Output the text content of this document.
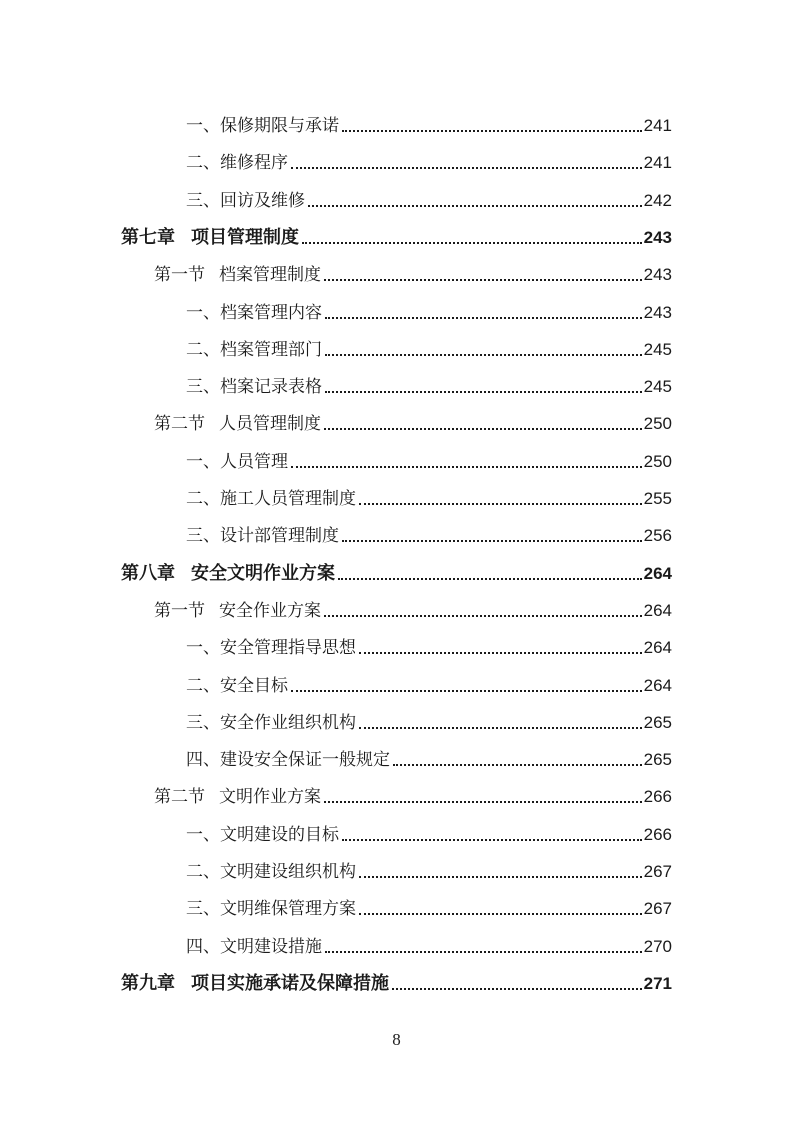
一、保修期限与承诺	241
二、维修程序	241
三、回访及维修	242
第七章 项目管理制度	243
第一节 档案管理制度	243
一、档案管理内容	243
二、档案管理部门	245
三、档案记录表格	245
第二节 人员管理制度	250
一、人员管理	250
二、施工人员管理制度	255
三、设计部管理制度	256
第八章 安全文明作业方案	264
第一节 安全作业方案	264
一、安全管理指导思想	264
二、安全目标	264
三、安全作业组织机构	265
四、建设安全保证一般规定	265
第二节 文明作业方案	266
一、文明建设的目标	266
二、文明建设组织机构	267
三、文明维保管理方案	267
四、文明建设措施	270
第九章 项目实施承诺及保障措施	271
8
